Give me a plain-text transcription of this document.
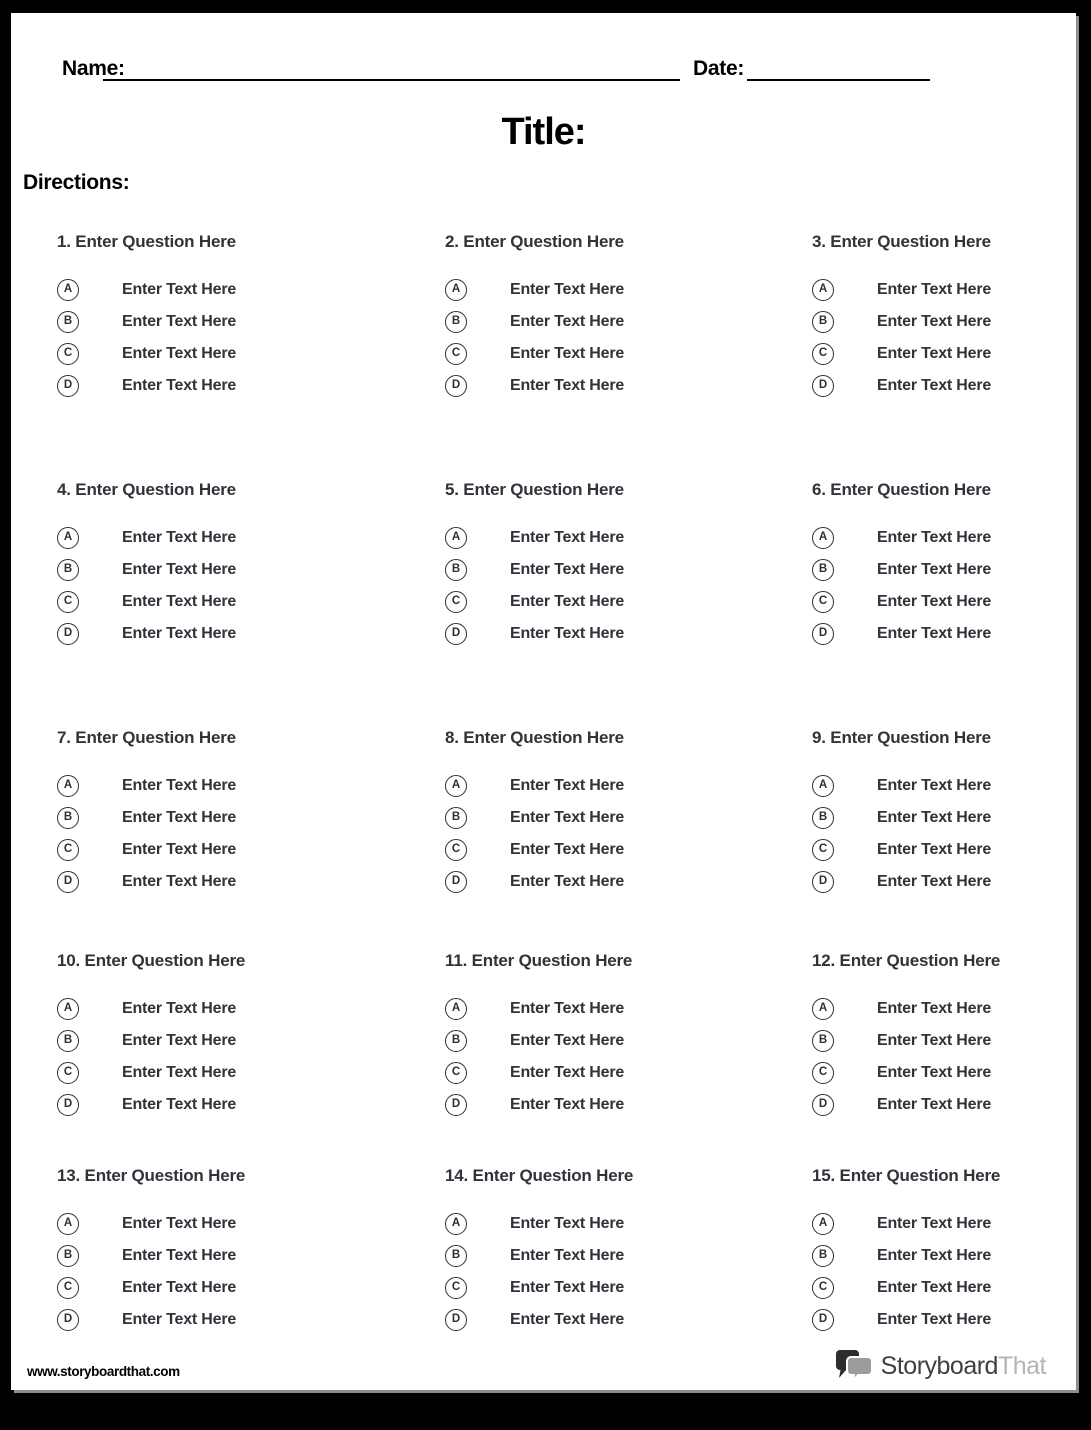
Name:	Date:
Title:
Directions:
www.storyboardthat.com	StoryboardThat
1. Enter Question Here
A	Enter Text Here
B	Enter Text Here
C	Enter Text Here
D	Enter Text Here
2. Enter Question Here
A	Enter Text Here
B	Enter Text Here
C	Enter Text Here
D	Enter Text Here
3. Enter Question Here
A	Enter Text Here
B	Enter Text Here
C	Enter Text Here
D	Enter Text Here
4. Enter Question Here
A	Enter Text Here
B	Enter Text Here
C	Enter Text Here
D	Enter Text Here
5. Enter Question Here
A	Enter Text Here
B	Enter Text Here
C	Enter Text Here
D	Enter Text Here
6. Enter Question Here
A	Enter Text Here
B	Enter Text Here
C	Enter Text Here
D	Enter Text Here
7. Enter Question Here
A	Enter Text Here
B	Enter Text Here
C	Enter Text Here
D	Enter Text Here
8. Enter Question Here
A	Enter Text Here
B	Enter Text Here
C	Enter Text Here
D	Enter Text Here
9. Enter Question Here
A	Enter Text Here
B	Enter Text Here
C	Enter Text Here
D	Enter Text Here
10. Enter Question Here
A	Enter Text Here
B	Enter Text Here
C	Enter Text Here
D	Enter Text Here
11. Enter Question Here
A	Enter Text Here
B	Enter Text Here
C	Enter Text Here
D	Enter Text Here
12. Enter Question Here
A	Enter Text Here
B	Enter Text Here
C	Enter Text Here
D	Enter Text Here
13. Enter Question Here
A	Enter Text Here
B	Enter Text Here
C	Enter Text Here
D	Enter Text Here
14. Enter Question Here
A	Enter Text Here
B	Enter Text Here
C	Enter Text Here
D	Enter Text Here
15. Enter Question Here
A	Enter Text Here
B	Enter Text Here
C	Enter Text Here
D	Enter Text Here
